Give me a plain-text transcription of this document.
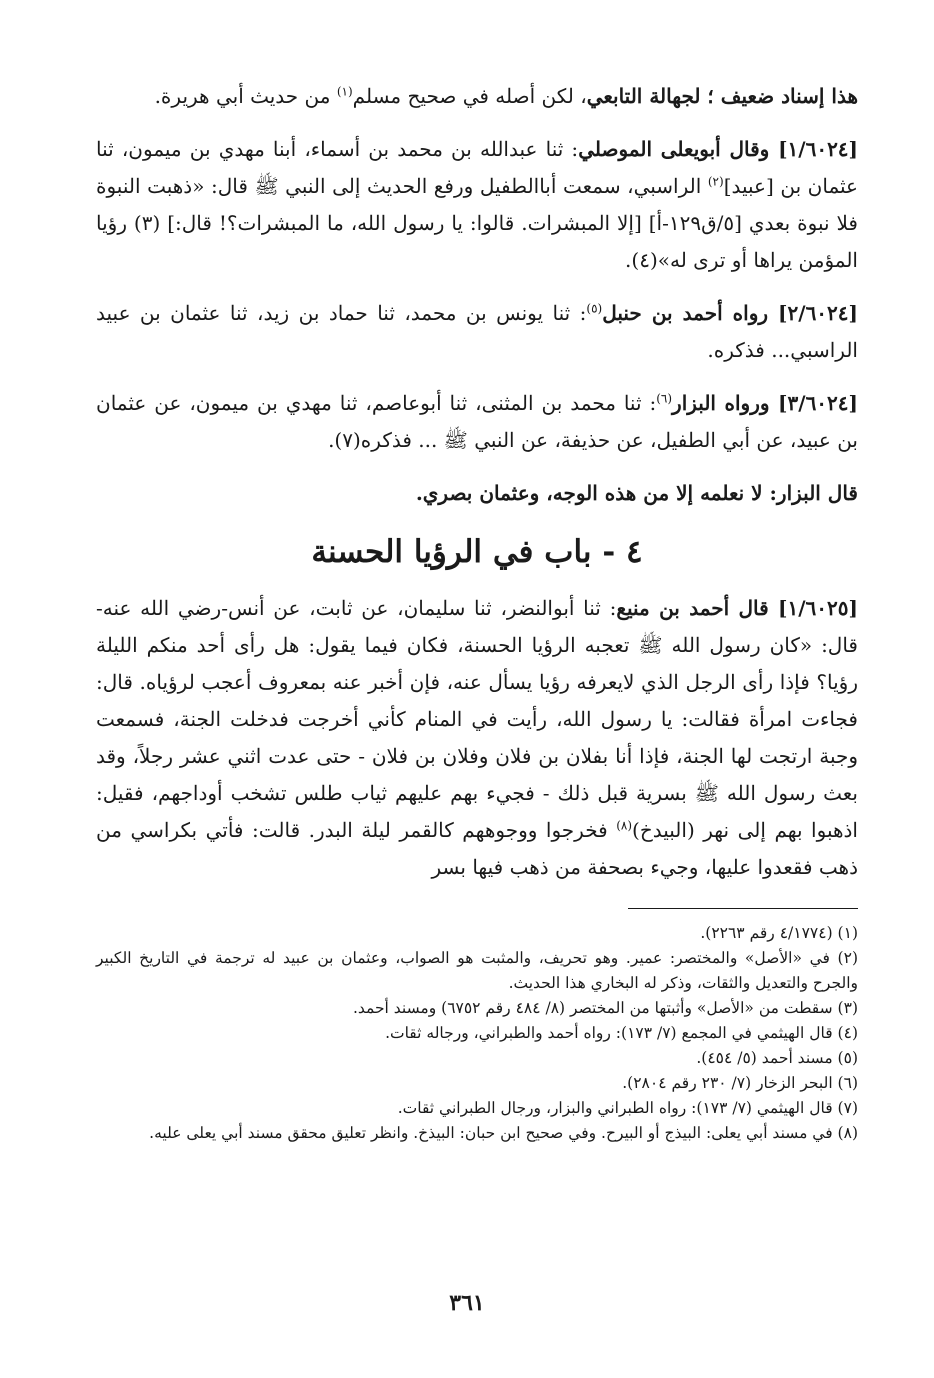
هذا إسناد ضعيف ؛ لجهالة التابعي، لكن أصله في صحيح مسلم$^{(١)}$ من حديث أبي هريرة.

[١/٦٠٢٤] وقال أبويعلى الموصلي: ثنا عبدالله بن محمد بن أسماء، أبنا مهدي بن ميمون، ثنا عثمان بن [عبيد]$^{(٢)}$ الراسبي، سمعت أباالطفيل ورفع الحديث إلى النبي ﷺ قال: «ذهبت النبوة فلا نبوة بعدي [٥/ق١٢٩-أ] [إلا المبشرات. قالوا: يا رسول الله، ما المبشرات؟! قال:] (٣) رؤيا المؤمن يراها أو ترى له»(٤).

[٢/٦٠٢٤] رواه أحمد بن حنبل$^{(٥)}$: ثنا يونس بن محمد، ثنا حماد بن زيد، ثنا عثمان بن عبيد الراسبي... فذكره.

[٣/٦٠٢٤] ورواه البزار$^{(٦)}$: ثنا محمد بن المثنى، ثنا أبوعاصم، ثنا مهدي بن ميمون، عن عثمان بن عبيد، عن أبي الطفيل، عن حذيفة، عن النبي ﷺ ... فذكره(٧).

قال البزار: لا نعلمه إلا من هذه الوجه، وعثمان بصري.

٤ - باب في الرؤيا الحسنة

[١/٦٠٢٥] قال أحمد بن منيع: ثنا أبوالنضر، ثنا سليمان، عن ثابت، عن أنس-رضي الله عنه-قال: «كان رسول الله ﷺ تعجبه الرؤيا الحسنة، فكان فيما يقول: هل رأى أحد منكم الليلة رؤيا؟ فإذا رأى الرجل الذي لايعرفه رؤيا يسأل عنه، فإن أخبر عنه بمعروف أعجب لرؤياه. قال: فجاءت امرأة فقالت: يا رسول الله، رأيت في المنام كأني أخرجت فدخلت الجنة، فسمعت وجبة ارتجت لها الجنة، فإذا أنا بفلان بن فلان وفلان بن فلان - حتى عدت اثني عشر رجلاً، وقد بعث رسول الله ﷺ بسرية قبل ذلك - فجيء بهم عليهم ثياب طلس تشخب أوداجهم، فقيل: اذهبوا بهم إلى نهر (البيدخ)$^{(٨)}$ فخرجوا ووجوههم كالقمر ليلة البدر. قالت: فأتي بكراسي من ذهب فقعدوا عليها، وجيء بصحفة من ذهب فيها بسر

(١) (٤/١٧٧٤ رقم ٢٢٦٣).

(٢) في «الأصل» والمختصر: عمير. وهو تحريف، والمثبت هو الصواب، وعثمان بن عبيد له ترجمة في التاريخ الكبير والجرح والتعديل والثقات، وذكر له البخاري هذا الحديث.

(٣) سقطت من «الأصل» وأثبتها من المختصر (٨/ ٤٨٤ رقم ٦٧٥٢) ومسند أحمد.

(٤) قال الهيثمي في المجمع (٧/ ١٧٣): رواه أحمد والطبراني، ورجاله ثقات.

(٥) مسند أحمد (٥/ ٤٥٤).

(٦) البحر الزخار (٧/ ٢٣٠ رقم ٢٨٠٤).

(٧) قال الهيثمي (٧/ ١٧٣): رواه الطبراني والبزار، ورجال الطبراني ثقات.

(٨) في مسند أبي يعلى: البيذج أو البيرح. وفي صحيح ابن حبان: البيذخ. وانظر تعليق محقق مسند أبي يعلى عليه.

٣٦١
